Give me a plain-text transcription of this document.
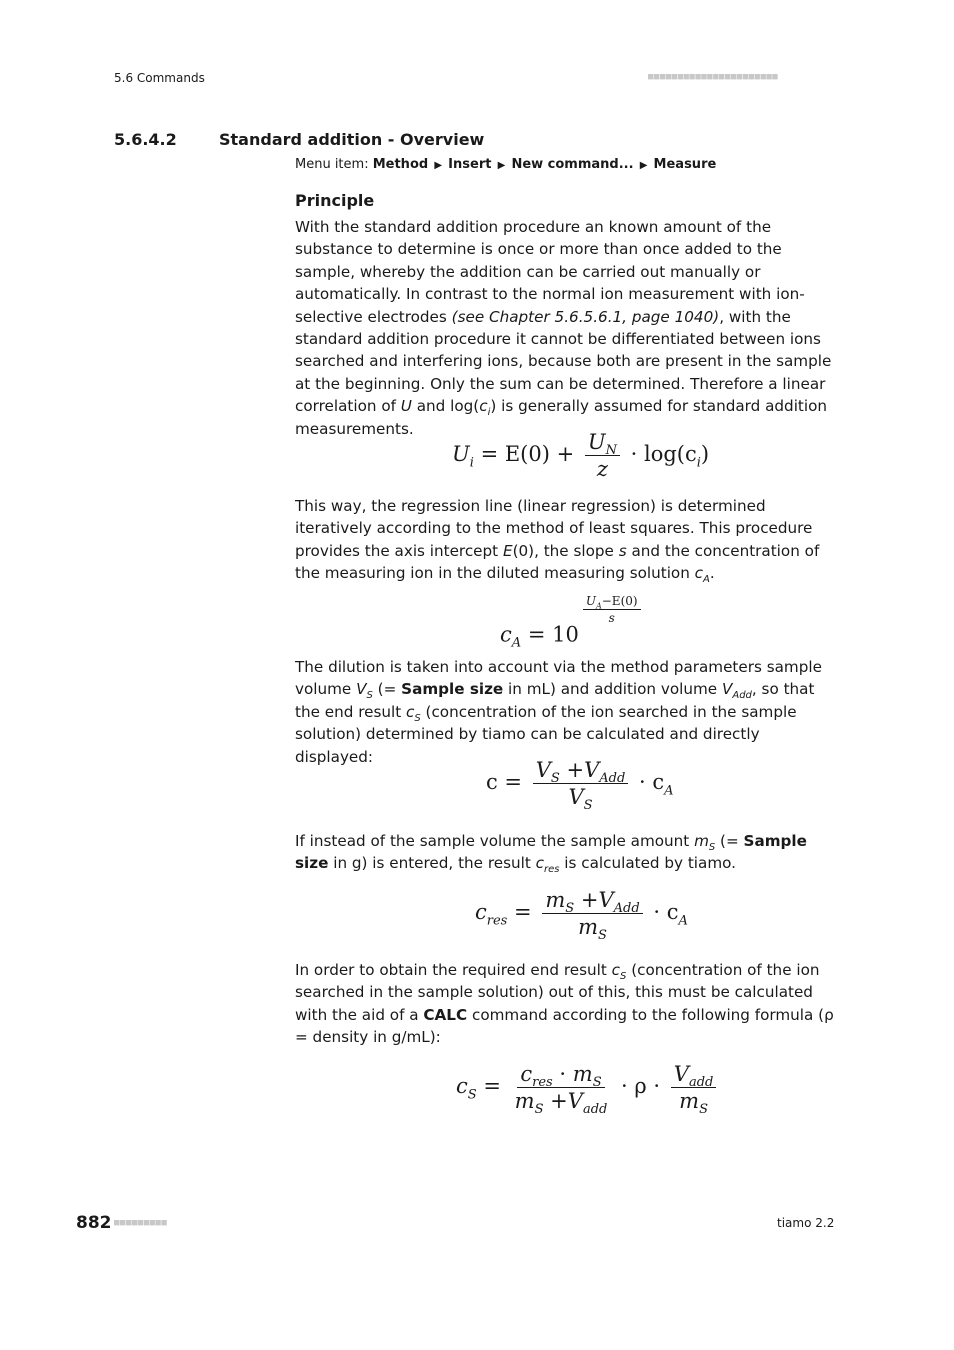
5.6 Commands	■■■■■■■■■■■■■■■■■■■■■■
5.6.4.2	Standard addition - Overview
Menu item: Method ▶ Insert ▶ New command... ▶ Measure
Principle
With the standard addition procedure an known amount of the substance to determine is once or more than once added to the sample, whereby the addition can be carried out manually or automatically. In contrast to the normal ion measurement with ion-selective electrodes (see Chapter 5.6.5.6.1, page 1040), with the standard addition procedure it cannot be differentiated between ions searched and interfering ions, because both are present in the sample at the beginning. Only the sum can be determined. Therefore a linear correlation of U and $\log(c_i)$ is generally assumed for standard addition measurements.
$U_i = E(0) + \frac{U_N}{z} \cdot \log(c_i)$
This way, the regression line (linear regression) is determined iteratively according to the method of least squares. This procedure provides the axis intercept E(0), the slope s and the concentration of the measuring ion in the diluted measuring solution $c_A$.
$c_A = 10$
$\frac{U_A-E(0)}{s}$
The dilution is taken into account via the method parameters sample volume $V_S$ (= Sample size in mL) and addition volume $V_{Add}$, so that the end result $c_S$ (concentration of the ion searched in the sample solution) determined by tiamo can be calculated and directly displayed:
$c = \frac{V_S +V_{Add}}{V_S} \cdot c_A$
If instead of the sample volume the sample amount $m_S$ (= Sample size in g) is entered, the result $c_{res}$ is calculated by tiamo.
$c_{res} = \frac{m_S +V_{Add}}{m_S} \cdot c_A$
In order to obtain the required end result $c_S$ (concentration of the ion searched in the sample solution) out of this, this must be calculated with the aid of a CALC command according to the following formula (ρ = density in g/mL):
$c_S = \frac{c_{res} \cdot m_S}{m_S +V_{add}} \cdot \rho \cdot \frac{V_{add}}{m_S}$
882 ■■■■■■■■■	tiamo 2.2
